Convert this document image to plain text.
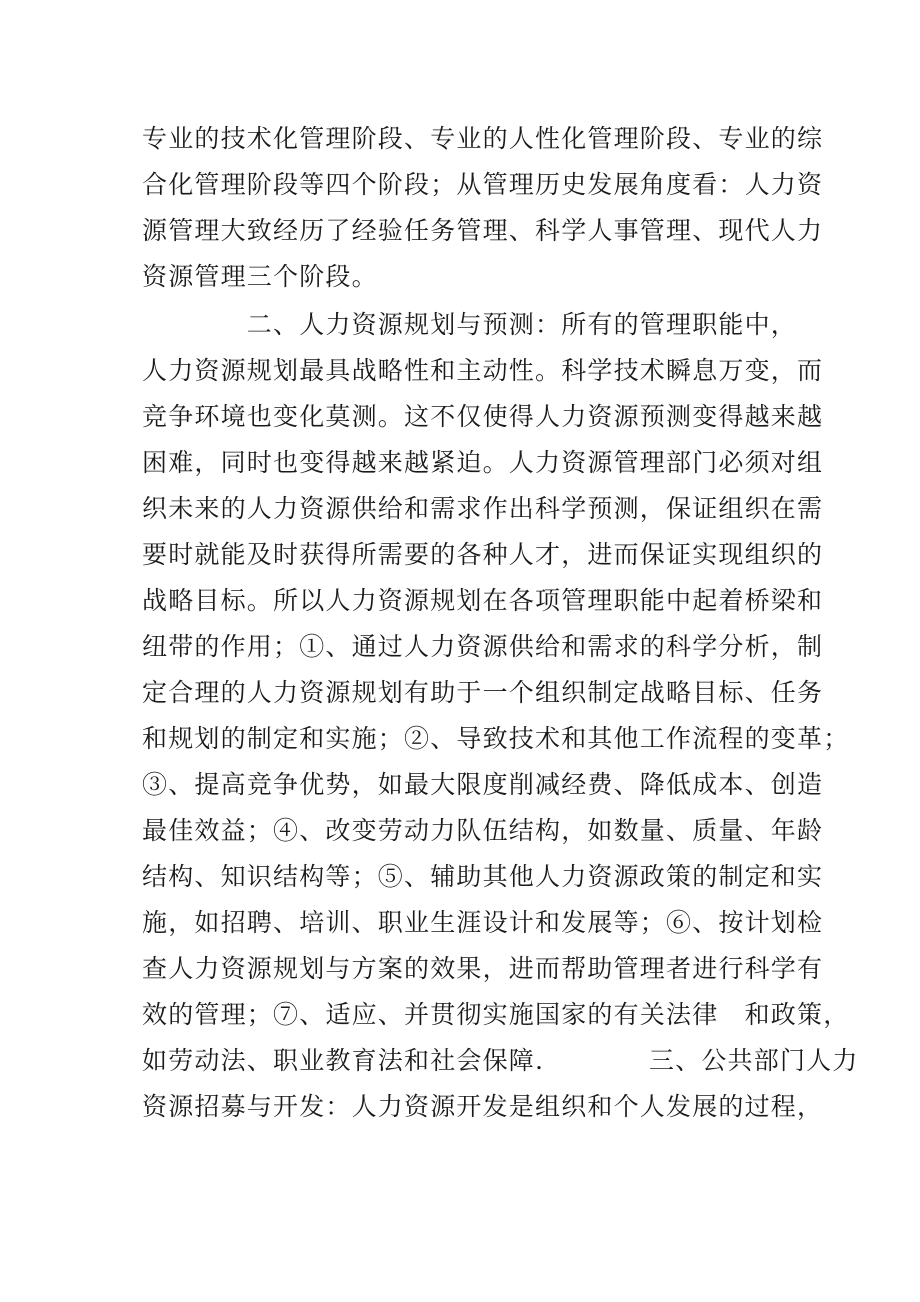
专业的技术化管理阶段、专业的人性化管理阶段、专业的综
合化管理阶段等四个阶段；从管理历史发展角度看：人力资
源管理大致经历了经验任务管理、科学人事管理、现代人力
资源管理三个阶段。
　　　　二、人力资源规划与预测：所有的管理职能中，
人力资源规划最具战略性和主动性。科学技术瞬息万变，而
竞争环境也变化莫测。这不仅使得人力资源预测变得越来越
困难，同时也变得越来越紧迫。人力资源管理部门必须对组
织未来的人力资源供给和需求作出科学预测，保证组织在需
要时就能及时获得所需要的各种人才，进而保证实现组织的
战略目标。所以人力资源规划在各项管理职能中起着桥梁和
纽带的作用；①、通过人力资源供给和需求的科学分析，制
定合理的人力资源规划有助于一个组织制定战略目标、任务
和规划的制定和实施；②、导致技术和其他工作流程的变革；
③、提高竞争优势，如最大限度削减经费、降低成本、创造
最佳效益；④、改变劳动力队伍结构，如数量、质量、年龄
结构、知识结构等；⑤、辅助其他人力资源政策的制定和实
施，如招聘、培训、职业生涯设计和发展等；⑥、按计划检
查人力资源规划与方案的效果，进而帮助管理者进行科学有
效的管理；⑦、适应、并贯彻实施国家的有关法律　和政策，
如劳动法、职业教育法和社会保障.　　　　三、公共部门人力
资源招募与开发：人力资源开发是组织和个人发展的过程，
